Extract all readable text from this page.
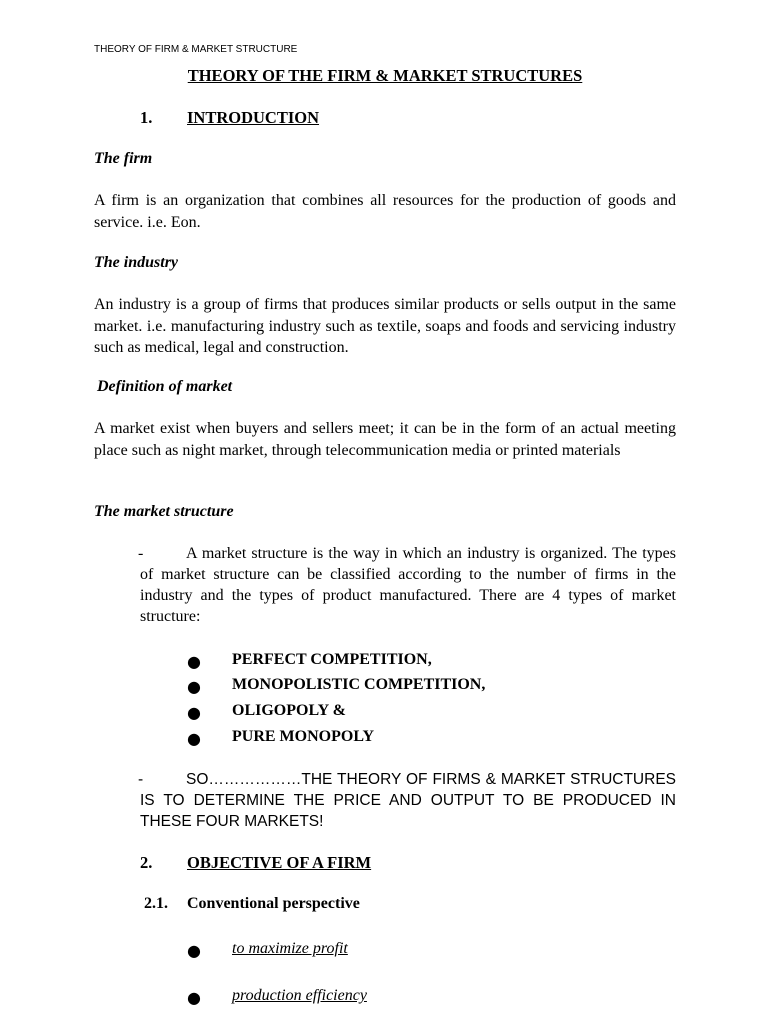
THEORY OF FIRM & MARKET STRUCTURE
THEORY OF THE FIRM & MARKET STRUCTURES
1. INTRODUCTION
The firm
A firm is an organization that combines all resources for the production of goods and service. i.e. Eon.
The industry
An industry is a group of firms that produces similar products or sells output in the same market. i.e. manufacturing industry such as textile, soaps and foods and servicing industry such as medical, legal and construction.
Definition of market
A market exist when buyers and sellers meet; it can be in the form of an actual meeting place such as night market, through telecommunication media or printed materials
The market structure
-	A market structure is the way in which an industry is organized. The types of market structure can be classified according to the number of firms in the industry and the types of product manufactured. There are 4 types of market structure:
● PERFECT COMPETITION,
● MONOPOLISTIC COMPETITION,
● OLIGOPOLY &
● PURE MONOPOLY
-	SO………………THE THEORY OF FIRMS & MARKET STRUCTURES IS TO DETERMINE THE PRICE AND OUTPUT TO BE PRODUCED IN THESE FOUR MARKETS!
2. OBJECTIVE OF A FIRM
2.1. Conventional perspective
● to maximize profit
● production efficiency
